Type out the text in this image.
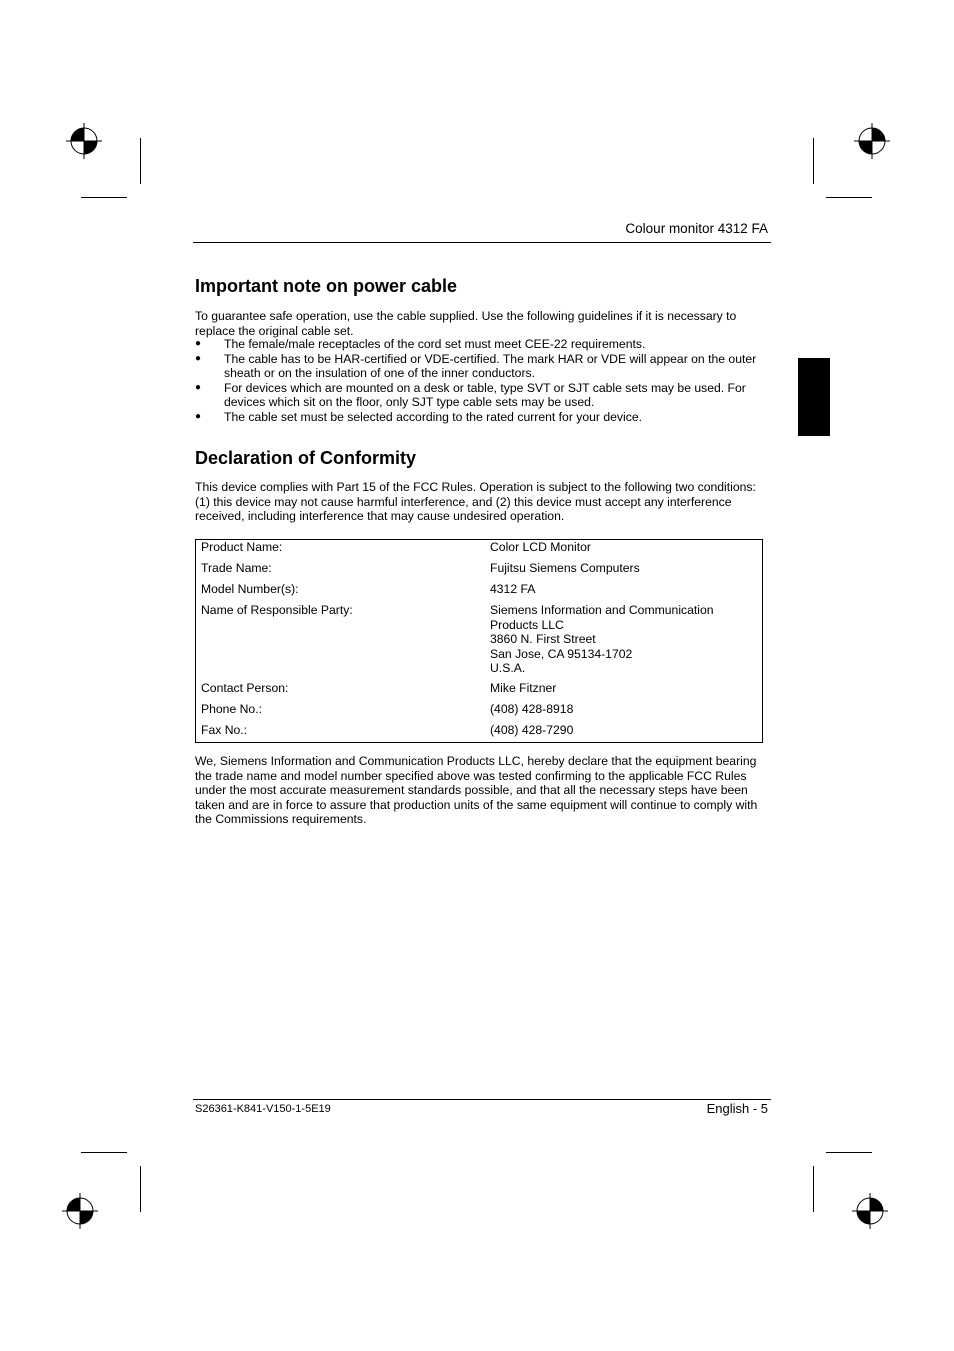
Colour monitor 4312 FA
Important note on power cable

To guarantee safe operation, use the cable supplied. Use the following guidelines if it is necessary to replace the original cable set.

● The female/male receptacles of the cord set must meet CEE-22 requirements.
● The cable has to be HAR-certified or VDE-certified. The mark HAR or VDE will appear on the outer sheath or on the insulation of one of the inner conductors.
● For devices which are mounted on a desk or table, type SVT or SJT cable sets may be used. For devices which sit on the floor, only SJT type cable sets may be used.
● The cable set must be selected according to the rated current for your device.
Declaration of Conformity

This device complies with Part 15 of the FCC Rules. Operation is subject to the following two conditions: (1) this device may not cause harmful interference, and (2) this device must accept any interference received, including interference that may cause undesired operation.

Product Name:	Color LCD Monitor
Trade Name:	Fujitsu Siemens Computers
Model Number(s):	4312 FA
Name of Responsible Party:	Siemens Information and Communication
Products LLC
3860 N. First Street
San Jose, CA 95134-1702
U.S.A.
Contact Person:	Mike Fitzner
Phone No.:	(408) 428-8918
Fax No.:	(408) 428-7290

We, Siemens Information and Communication Products LLC, hereby declare that the equipment bearing the trade name and model number specified above was tested confirming to the applicable FCC Rules under the most accurate measurement standards possible, and that all the necessary steps have been taken and are in force to assure that production units of the same equipment will continue to comply with the Commissions requirements.

S26361-K841-V150-1-5E19	English - 5
